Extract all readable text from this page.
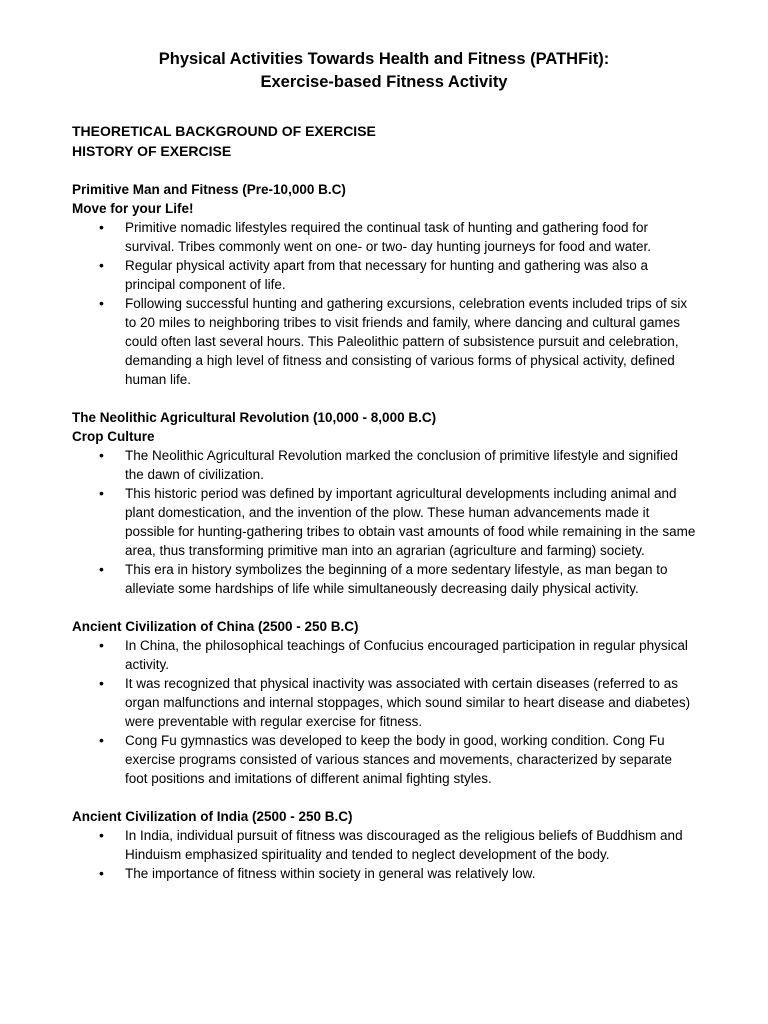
Physical Activities Towards Health and Fitness (PATHFit):
Exercise-based Fitness Activity
THEORETICAL BACKGROUND OF EXERCISE
HISTORY OF EXERCISE
Primitive Man and Fitness (Pre-10,000 B.C)
Move for your Life!
• Primitive nomadic lifestyles required the continual task of hunting and gathering food for survival. Tribes commonly went on one- or two- day hunting journeys for food and water.
• Regular physical activity apart from that necessary for hunting and gathering was also a principal component of life.
• Following successful hunting and gathering excursions, celebration events included trips of six to 20 miles to neighboring tribes to visit friends and family, where dancing and cultural games could often last several hours. This Paleolithic pattern of subsistence pursuit and celebration, demanding a high level of fitness and consisting of various forms of physical activity, defined human life.
The Neolithic Agricultural Revolution (10,000 - 8,000 B.C)
Crop Culture
• The Neolithic Agricultural Revolution marked the conclusion of primitive lifestyle and signified the dawn of civilization.
• This historic period was defined by important agricultural developments including animal and plant domestication, and the invention of the plow. These human advancements made it possible for hunting-gathering tribes to obtain vast amounts of food while remaining in the same area, thus transforming primitive man into an agrarian (agriculture and farming) society.
• This era in history symbolizes the beginning of a more sedentary lifestyle, as man began to alleviate some hardships of life while simultaneously decreasing daily physical activity.
Ancient Civilization of China (2500 - 250 B.C)
• In China, the philosophical teachings of Confucius encouraged participation in regular physical activity.
• It was recognized that physical inactivity was associated with certain diseases (referred to as organ malfunctions and internal stoppages, which sound similar to heart disease and diabetes) were preventable with regular exercise for fitness.
• Cong Fu gymnastics was developed to keep the body in good, working condition. Cong Fu exercise programs consisted of various stances and movements, characterized by separate foot positions and imitations of different animal fighting styles.
Ancient Civilization of India (2500 - 250 B.C)
• In India, individual pursuit of fitness was discouraged as the religious beliefs of Buddhism and Hinduism emphasized spirituality and tended to neglect development of the body.
• The importance of fitness within society in general was relatively low.
